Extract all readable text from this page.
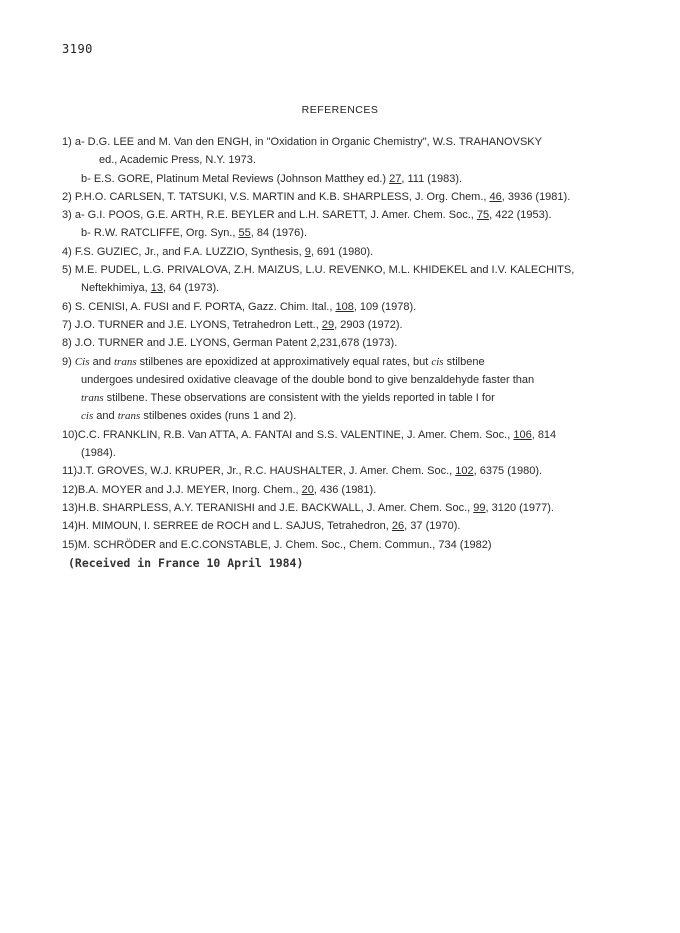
3190
REFERENCES
1) a- D.G. LEE and M. Van den ENGH, in "Oxidation in Organic Chemistry", W.S. TRAHANOVSKY
ed., Academic Press, N.Y. 1973.
b- E.S. GORE, Platinum Metal Reviews (Johnson Matthey ed.) 27, 111 (1983).
2) P.H.O. CARLSEN, T. TATSUKI, V.S. MARTIN and K.B. SHARPLESS, J. Org. Chem., 46, 3936 (1981).
3) a- G.I. POOS, G.E. ARTH, R.E. BEYLER and L.H. SARETT, J. Amer. Chem. Soc., 75, 422 (1953).
b- R.W. RATCLIFFE, Org. Syn., 55, 84 (1976).
4) F.S. GUZIEC, Jr., and F.A. LUZZIO, Synthesis, 9, 691 (1980).
5) M.E. PUDEL, L.G. PRIVALOVA, Z.H. MAIZUS, L.U. REVENKO, M.L. KHIDEKEL and I.V. KALECHITS,
Neftekhimiya, 13, 64 (1973).
6) S. CENISI, A. FUSI and F. PORTA, Gazz. Chim. Ital., 108, 109 (1978).
7) J.O. TURNER and J.E. LYONS, Tetrahedron Lett., 29, 2903 (1972).
8) J.O. TURNER and J.E. LYONS, German Patent 2,231,678 (1973).
9) Cis and trans stilbenes are epoxidized at approximatively equal rates, but cis stilbene
undergoes undesired oxidative cleavage of the double bond to give benzaldehyde faster than
trans stilbene. These observations are consistent with the yields reported in table I for
cis and trans stilbenes oxides (runs 1 and 2).
10)C.C. FRANKLIN, R.B. Van ATTA, A. FANTAI and S.S. VALENTINE, J. Amer. Chem. Soc., 106, 814
(1984).
11)J.T. GROVES, W.J. KRUPER, Jr., R.C. HAUSHALTER, J. Amer. Chem. Soc., 102, 6375 (1980).
12)B.A. MOYER and J.J. MEYER, Inorg. Chem., 20, 436 (1981).
13)H.B. SHARPLESS, A.Y. TERANISHI and J.E. BACKWALL, J. Amer. Chem. Soc., 99, 3120 (1977).
14)H. MIMOUN, I. SERREE de ROCH and L. SAJUS, Tetrahedron, 26, 37 (1970).
15)M. SCHRÖDER and E.C.CONSTABLE, J. Chem. Soc., Chem. Commun., 734 (1982)
(Received in France 10 April 1984)
